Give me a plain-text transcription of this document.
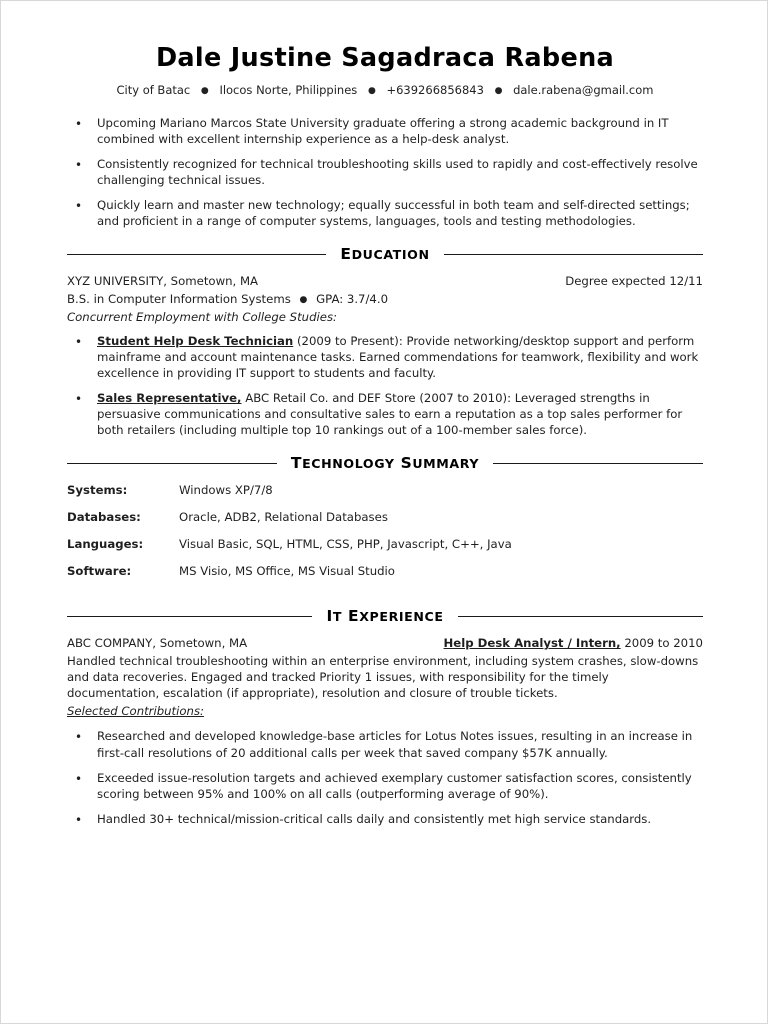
Dale Justine Sagadraca Rabena
City of Batac ● Ilocos Norte, Philippines ● +639266856843 ● dale.rabena@gmail.com
• Upcoming Mariano Marcos State University graduate offering a strong academic background in IT combined with excellent internship experience as a help-desk analyst.
• Consistently recognized for technical troubleshooting skills used to rapidly and cost-effectively resolve challenging technical issues.
• Quickly learn and master new technology; equally successful in both team and self-directed settings; and proficient in a range of computer systems, languages, tools and testing methodologies.
EDUCATION
XYZ UNIVERSITY, Sometown, MA	Degree expected 12/11
B.S. in Computer Information Systems ● GPA: 3.7/4.0
Concurrent Employment with College Studies:
• Student Help Desk Technician (2009 to Present): Provide networking/desktop support and perform mainframe and account maintenance tasks. Earned commendations for teamwork, flexibility and work excellence in providing IT support to students and faculty.
• Sales Representative, ABC Retail Co. and DEF Store (2007 to 2010): Leveraged strengths in persuasive communications and consultative sales to earn a reputation as a top sales performer for both retailers (including multiple top 10 rankings out of a 100-member sales force).
TECHNOLOGY SUMMARY
Systems:	Windows XP/7/8
Databases:	Oracle, ADB2, Relational Databases
Languages:	Visual Basic, SQL, HTML, CSS, PHP, Javascript, C++, Java
Software:	MS Visio, MS Office, MS Visual Studio
IT EXPERIENCE
ABC COMPANY, Sometown, MA	Help Desk Analyst / Intern, 2009 to 2010
Handled technical troubleshooting within an enterprise environment, including system crashes, slow-downs and data recoveries. Engaged and tracked Priority 1 issues, with responsibility for the timely documentation, escalation (if appropriate), resolution and closure of trouble tickets.
Selected Contributions:
• Researched and developed knowledge-base articles for Lotus Notes issues, resulting in an increase in first-call resolutions of 20 additional calls per week that saved company $57K annually.
• Exceeded issue-resolution targets and achieved exemplary customer satisfaction scores, consistently scoring between 95% and 100% on all calls (outperforming average of 90%).
• Handled 30+ technical/mission-critical calls daily and consistently met high service standards.
